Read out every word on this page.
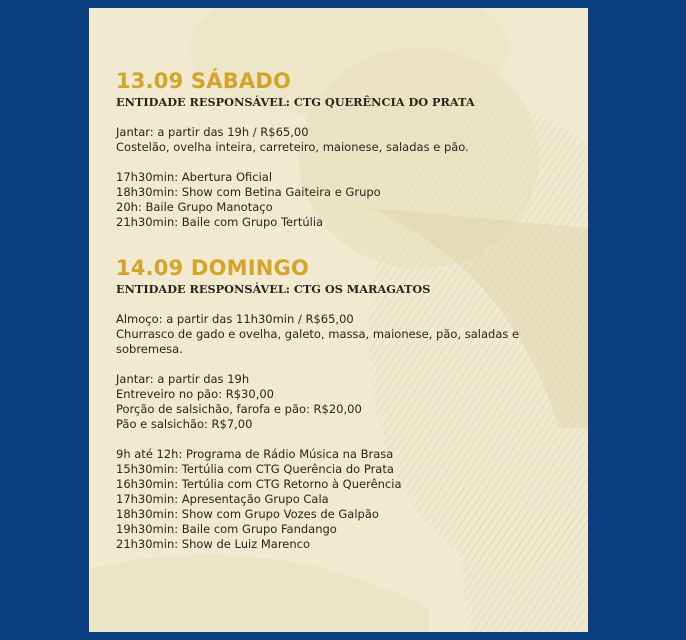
13.09 SÁBADO

ENTIDADE RESPONSÁVEL: CTG QUERÊNCIA DO PRATA

Jantar: a partir das 19h / R$65,00

Costelão, ovelha inteira, carreteiro, maionese, saladas e pão.

17h30min: Abertura Oficial

18h30min: Show com Betina Gaiteira e Grupo

20h: Baile Grupo Manotaço

21h30min: Baile com Grupo Tertúlia

14.09 DOMINGO

ENTIDADE RESPONSÁVEL: CTG OS MARAGATOS

Almoço: a partir das 11h30min / R$65,00

Churrasco de gado e ovelha, galeto, massa, maionese, pão, saladas e

sobremesa.

Jantar: a partir das 19h

Entreveiro no pão: R$30,00

Porção de salsichão, farofa e pão: R$20,00

Pão e salsichão: R$7,00

9h até 12h: Programa de Rádio Música na Brasa

15h30min: Tertúlia com CTG Querência do Prata

16h30min: Tertúlia com CTG Retorno à Querência

17h30min: Apresentação Grupo Cala

18h30min: Show com Grupo Vozes de Galpão

19h30min: Baile com Grupo Fandango

21h30min: Show de Luiz Marenco
